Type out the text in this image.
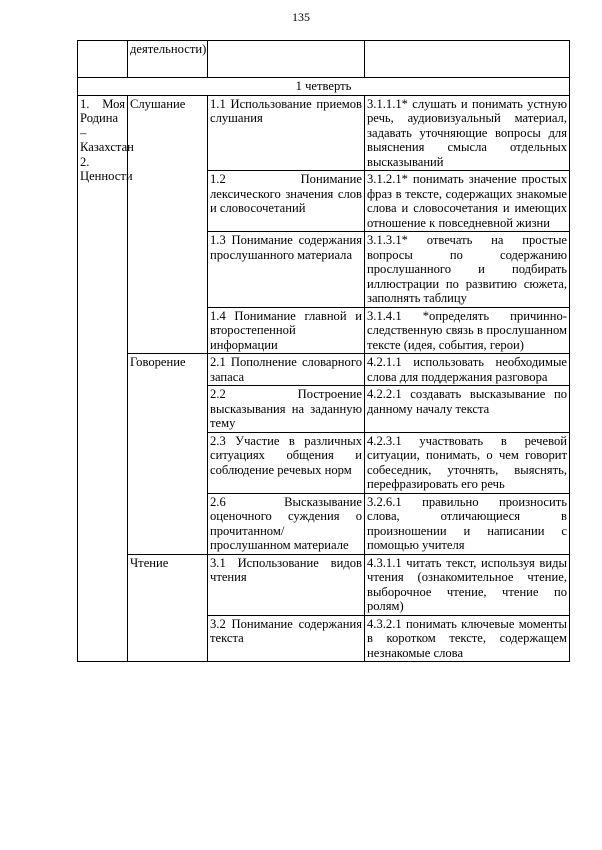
135
	деятельности)		
1 четверть			

1. Моя Родина – Казахстан
2. Ценности	Слушание	1.1 Использование приемов слушания	3.1.1.1* слушать и понимать устную речь, аудиовизуальный материал, задавать уточняющие вопросы для выяснения смысла отдельных высказываний
		1.2 Понимание лексического значения слов и словосочетаний	3.1.2.1* понимать значение простых фраз в тексте, содержащих знакомые слова и словосочетания и имеющих отношение к повседневной жизни
		1.3 Понимание содержания прослушанного материала	3.1.3.1* отвечать на простые вопросы по содержанию прослушанного и подбирать иллюстрации по развитию сюжета, заполнять таблицу
		1.4 Понимание главной и второстепенной информации	3.1.4.1 *определять причинно-следственную связь в прослушанном тексте (идея, события, герои)
	Говорение	2.1 Пополнение словарного запаса	4.2.1.1 использовать необходимые слова для поддержания разговора
		2.2 Построение высказывания на заданную тему	4.2.2.1 создавать высказывание по данному началу текста
		2.3 Участие в различных ситуациях общения и соблюдение речевых норм	4.2.3.1 участвовать в речевой ситуации, понимать, о чем говорит собеседник, уточнять, выяснять, перефразировать его речь
		2.6 Высказывание оценочного суждения о прочитанном/прослушанном материале	3.2.6.1 правильно произносить слова, отличающиеся в произношении и написании с помощью учителя
	Чтение	3.1 Использование видов чтения	4.3.1.1 читать текст, используя виды чтения (ознакомительное чтение, выборочное чтение, чтение по ролям)
		3.2 Понимание содержания текста	4.3.2.1 понимать ключевые моменты в коротком тексте, содержащем незнакомые слова
